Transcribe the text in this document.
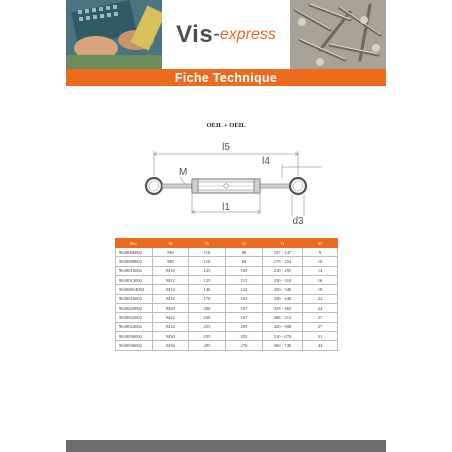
Vis - express
Fiche Technique
OEIL + OEIL
l5
l4
M
l1
d3
Ref.	M	l5	l4	l1	d3
9630006002	M6	110	80	167 - 247	9
9630008002	M8	110	84	179 - 254	10
9630010002	M10	125	105	210 - 295	14
9630012002	M12	125	115	230 - 310	16
96300014002	M14	140	122	250 - 340	18
9630016002	M16	170	165	330 - 440	22
9630020002	M20	200	167	335 - 465	24
9630022002	M22	220	167	368 - 513	27
9630024002	M24	255	205	420 - 590	27
9630030002	M30	255	255	510 - 670	31
9630036002	M36	295	276	560 - 740	43
